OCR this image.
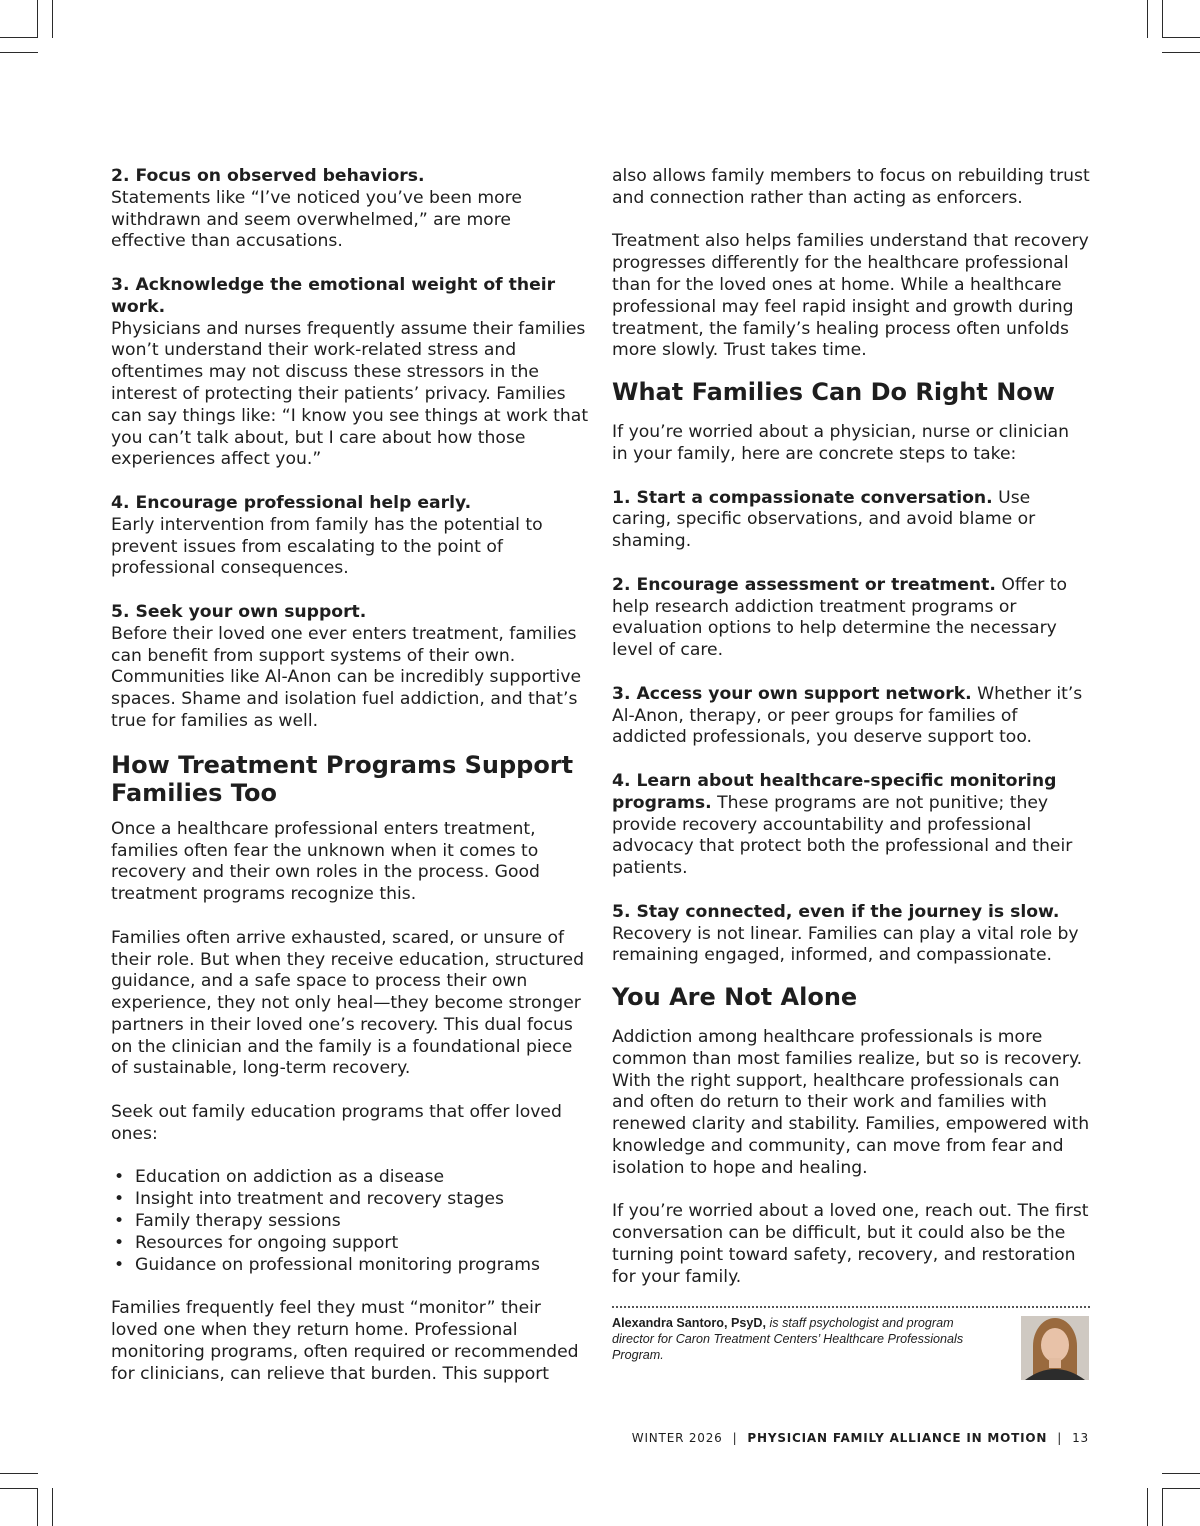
2. Focus on observed behaviors.

Statements like “I’ve noticed you’ve been more withdrawn and seem overwhelmed,” are more effective than accusations.

3. Acknowledge the emotional weight of their work.

Physicians and nurses frequently assume their families won’t understand their work-related stress and oftentimes may not discuss these stressors in the interest of protecting their patients’ privacy. Families can say things like: “I know you see things at work that you can’t talk about, but I care about how those experiences affect you.”

4. Encourage professional help early.

Early intervention from family has the potential to prevent issues from escalating to the point of professional consequences.

5. Seek your own support.

Before their loved one ever enters treatment, families can benefit from support systems of their own. Communities like Al-Anon can be incredibly supportive spaces. Shame and isolation fuel addiction, and that’s true for families as well.

How Treatment Programs Support Families Too

Once a healthcare professional enters treatment, families often fear the unknown when it comes to recovery and their own roles in the process. Good treatment programs recognize this.

Families often arrive exhausted, scared, or unsure of their role. But when they receive education, structured guidance, and a safe space to process their own experience, they not only heal—they become stronger partners in their loved one’s recovery. This dual focus on the clinician and the family is a foundational piece of sustainable, long-term recovery.

Seek out family education programs that offer loved ones:

• Education on addiction as a disease
• Insight into treatment and recovery stages
• Family therapy sessions
• Resources for ongoing support
• Guidance on professional monitoring programs

Families frequently feel they must “monitor” their loved one when they return home. Professional monitoring programs, often required or recommended for clinicians, can relieve that burden. This support

also allows family members to focus on rebuilding trust and connection rather than acting as enforcers.

Treatment also helps families understand that recovery progresses differently for the healthcare professional than for the loved ones at home. While a healthcare professional may feel rapid insight and growth during treatment, the family’s healing process often unfolds more slowly. Trust takes time.

What Families Can Do Right Now

If you’re worried about a physician, nurse or clinician in your family, here are concrete steps to take:

1. Start a compassionate conversation. Use caring, specific observations, and avoid blame or shaming.

2. Encourage assessment or treatment. Offer to help research addiction treatment programs or evaluation options to help determine the necessary level of care.

3. Access your own support network. Whether it’s Al-Anon, therapy, or peer groups for families of addicted professionals, you deserve support too.

4. Learn about healthcare-specific monitoring programs. These programs are not punitive; they provide recovery accountability and professional advocacy that protect both the professional and their patients.

5. Stay connected, even if the journey is slow. Recovery is not linear. Families can play a vital role by remaining engaged, informed, and compassionate.

You Are Not Alone

Addiction among healthcare professionals is more common than most families realize, but so is recovery. With the right support, healthcare professionals can and often do return to their work and families with renewed clarity and stability. Families, empowered with knowledge and community, can move from fear and isolation to hope and healing.

If you’re worried about a loved one, reach out. The first conversation can be difficult, but it could also be the turning point toward safety, recovery, and restoration for your family.

Alexandra Santoro, PsyD, is staff psychologist and program director for Caron Treatment Centers’ Healthcare Professionals Program.
WINTER 2026 | PHYSICIAN FAMILY ALLIANCE IN MOTION | 13
